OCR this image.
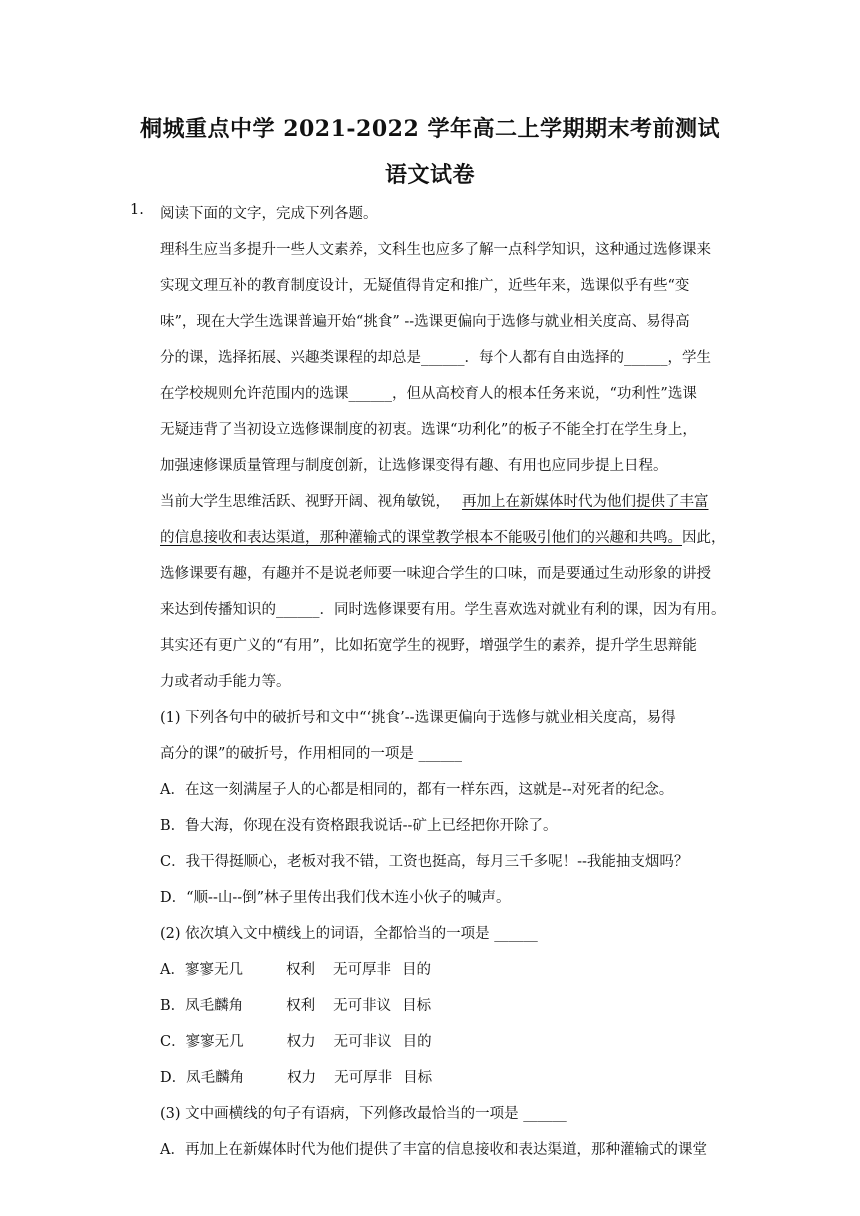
桐城重点中学 2021-2022 学年高二上学期期末考前测试
语文试卷
1. 阅读下面的文字，完成下列各题。
理科生应当多提升一些人文素养，文科生也应多了解一点科学知识，这种通过选修课来
实现文理互补的教育制度设计，无疑值得肯定和推广，近些年来，选课似乎有些“变
味”，现在大学生选课普遍开始“挑食” --选课更偏向于选修与就业相关度高、易得高
分的课，选择拓展、兴趣类课程的却总是______．每个人都有自由选择的______，学生
在学校规则允许范围内的选课______，但从高校育人的根本任务来说，“功利性”选课
无疑违背了当初设立选修课制度的初衷。选课“功利化”的板子不能全打在学生身上，
加强速修课质量管理与制度创新，让选修课变得有趣、有用也应同步提上日程。
当前大学生思维活跃、视野开阔、视角敏锐， 再加上在新媒体时代为他们提供了丰富
的信息接收和表达渠道，那种灌输式的课堂教学根本不能吸引他们的兴趣和共鸣。因此，
选修课要有趣，有趣并不是说老师要一味迎合学生的口味，而是要通过生动形象的讲授
来达到传播知识的______．同时选修课要有用。学生喜欢选对就业有利的课，因为有用。
其实还有更广义的“有用”，比如拓宽学生的视野，增强学生的素养，提升学生思辩能
力或者动手能力等。
(1) 下列各句中的破折号和文中“‘挑食’--选课更偏向于选修与就业相关度高，易得
高分的课”的破折号，作用相同的一项是 ______
A．在这一刻满屋子人的心都是相同的，都有一样东西，这就是--对死者的纪念。
B．鲁大海，你现在没有资格跟我说话--矿上已经把你开除了。
C．我干得挺顺心，老板对我不错，工资也挺高，每月三千多呢！--我能抽支烟吗？
D．“顺--山--倒”林子里传出我们伐木连小伙子的喊声。
(2) 依次填入文中横线上的词语，全都恰当的一项是 ______
A．寥寥无几	权利 无可厚非 目的
B．凤毛麟角	权利 无可非议 目标
C．寥寥无几	权力 无可非议 目的
D．凤毛麟角	权力 无可厚非 目标
(3) 文中画横线的句子有语病，下列修改最恰当的一项是 ______
A．再加上在新媒体时代为他们提供了丰富的信息接收和表达渠道，那种灌输式的课堂
